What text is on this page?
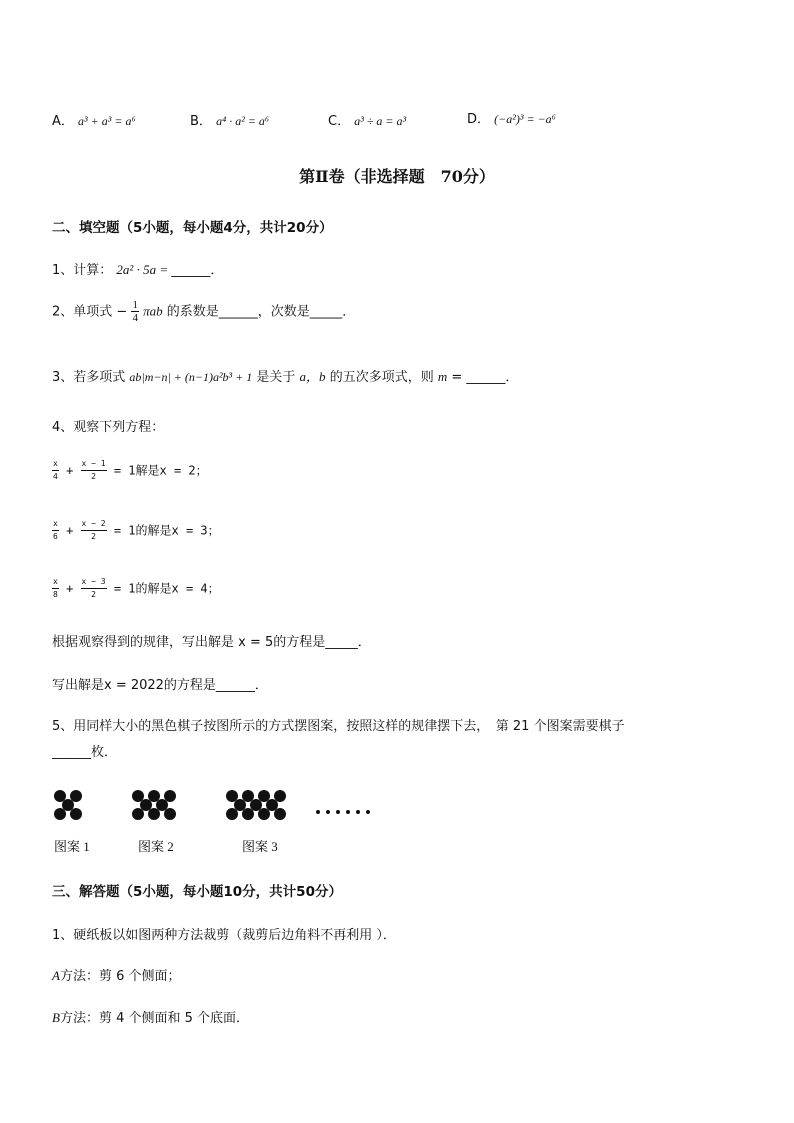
A． a³ + a³ = a⁶	B． a⁴ · a² = a⁶	C． a³ ÷ a = a³	D． (−a²)³ = −a⁶
第Ⅱ卷（非选择题　70分）
二、填空题（5小题，每小题4分，共计20分）
1、计算： 2a² · 5a = ______．
2、单项式 − $\frac{1}{4}$ πab 的系数是______，次数是_____．
3、若多项式 ab|m−n| + (n−1)a²b³ + 1 是关于 a，b 的五次多项式，则 m = ______．
4、观察下列方程：
$\frac{x}{4} + \frac{x - 1}{2} = 1$解是x = 2；
$\frac{x}{6} + \frac{x - 2}{2} = 1$的解是x = 3；
$\frac{x}{8} + \frac{x - 3}{2} = 1$的解是x = 4；
根据观察得到的规律，写出解是 x = 5的方程是_____．
写出解是x = 2022的方程是______．
5、用同样大小的黑色棋子按图所示的方式摆图案，按照这样的规律摆下去，　第 21 个图案需要棋子
______枚．
图案 1	图案 2	图案 3
三、解答题（5小题，每小题10分，共计50分）
1、硬纸板以如图两种方法裁剪（裁剪后边角料不再利用 ）．
A方法：剪 6 个侧面；
B方法：剪 4 个侧面和 5 个底面．
